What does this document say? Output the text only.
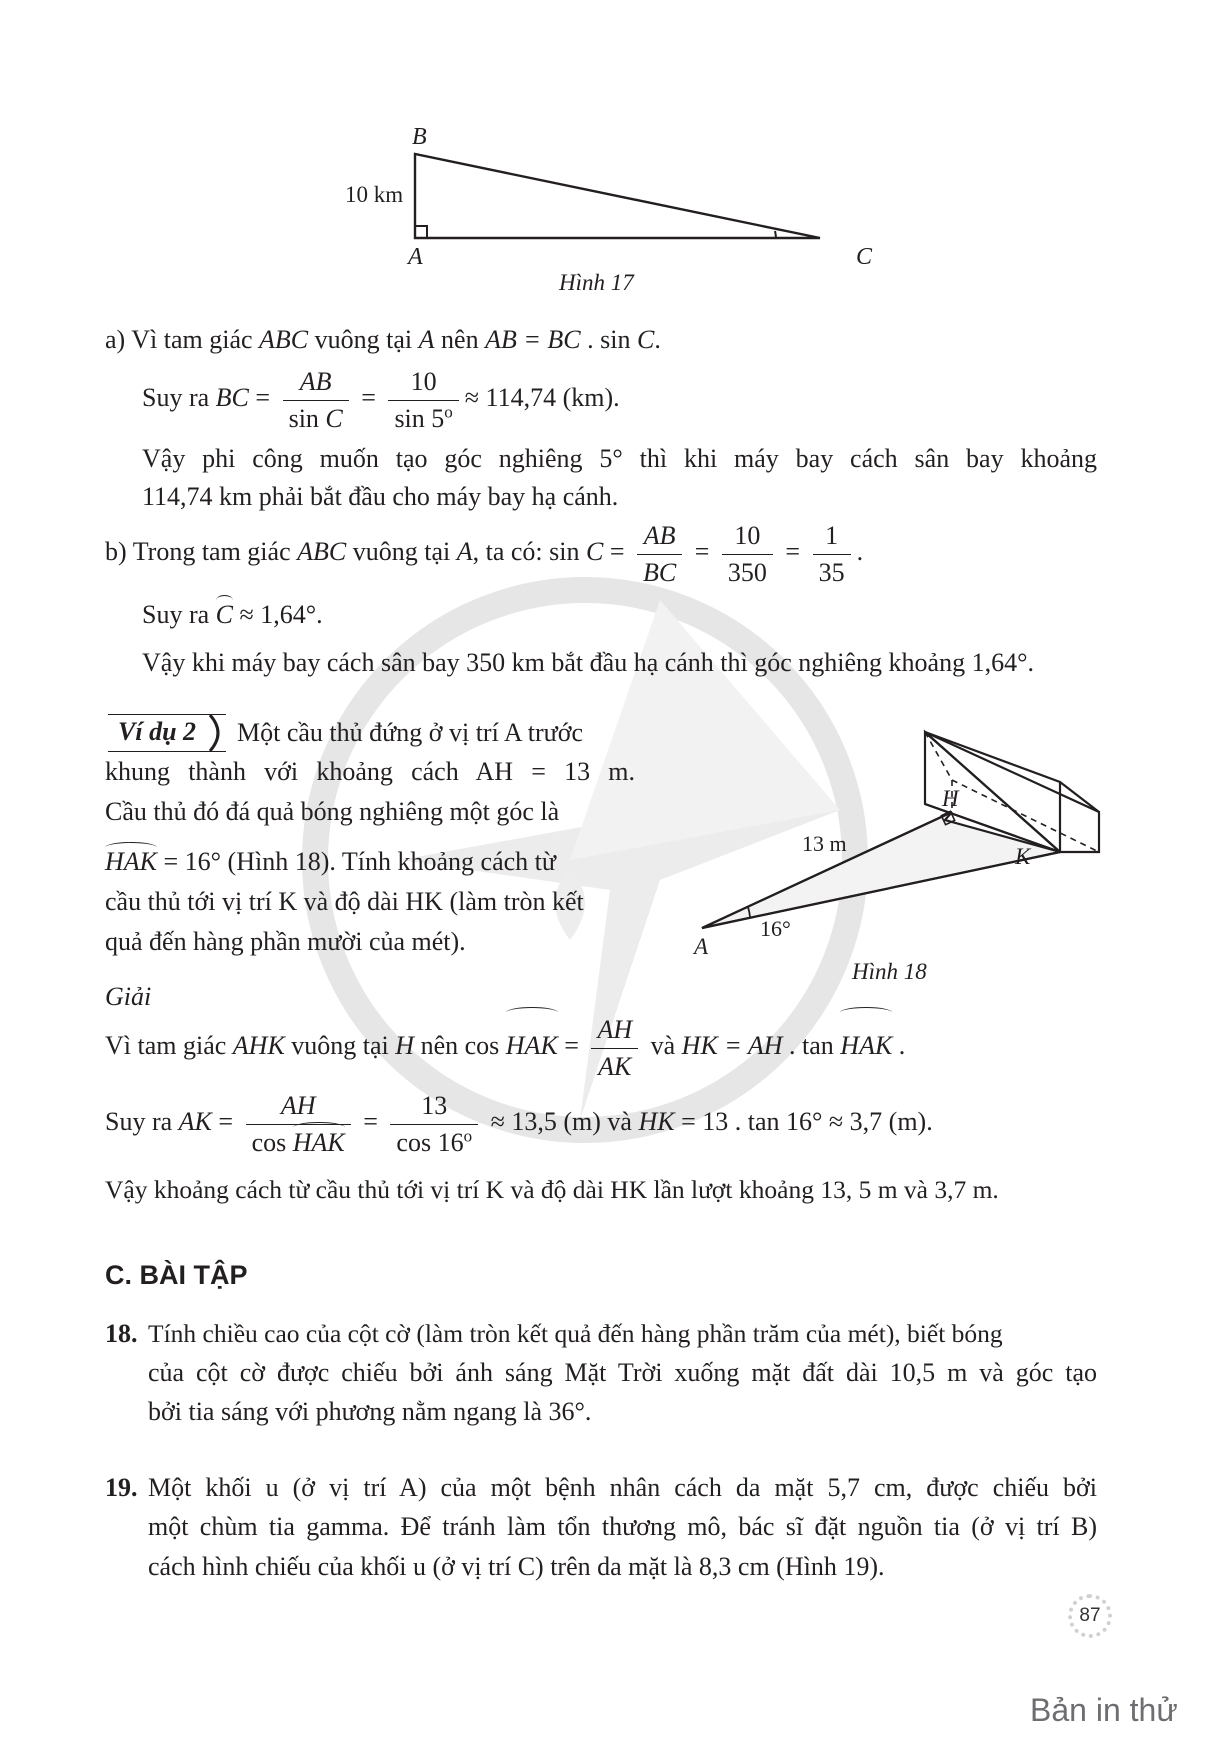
B
10 km
A	C
Hình 17
a) Vì tam giác ABC vuông tại A nên AB = BC . sin C.
Suy ra BC = $\frac{AB}{\text{sin C}} = \frac{10}{\sin 5^o} \approx 114,74$ (km).
Vậy phi công muốn tạo góc nghiêng 5° thì khi máy bay cách sân bay khoảng
114,74 km phải bắt đầu cho máy bay hạ cánh.
b) Trong tam giác ABC vuông tại A, ta có: $\sin C = \frac{AB}{BC} = \frac{10}{350} = \frac{1}{35}$ .
Suy ra C ≈ 1,64°.
Vậy khi máy bay cách sân bay 350 km bắt đầu hạ cánh thì góc nghiêng khoảng 1,64°.
Ví dụ 2 Một cầu thủ đứng ở vị trí A trước
khung thành với khoảng cách AH = 13 m.
Cầu thủ đó đá quả bóng nghiêng một góc là
HAK = 16° (Hình 18). Tính khoảng cách từ
cầu thủ tới vị trí K và độ dài HK (làm tròn kết
quả đến hàng phần mười của mét).
H
K
13 m
16°
A
Hình 18
Giải
Vì tam giác AHK vuông tại H nên cos HAK = $\frac{AH}{AK}$ và HK = AH . tan HAK .
Suy ra AK = $\frac{AH}{\text{cos HAK}} = \frac{13}{\cos 16^o} \approx 13,5$ (m) và HK = 13 . tan 16° ≈ 3,7 (m).
Vậy khoảng cách từ cầu thủ tới vị trí K và độ dài HK lần lượt khoảng 13, 5 m và 3,7 m.
C. BÀI TẬP
18. Tính chiều cao của cột cờ (làm tròn kết quả đến hàng phần trăm của mét), biết bóng
của cột cờ được chiếu bởi ánh sáng Mặt Trời xuống mặt đất dài 10,5 m và góc tạo
bởi tia sáng với phương nằm ngang là 36°.
19. Một khối u (ở vị trí A) của một bệnh nhân cách da mặt 5,7 cm, được chiếu bởi
một chùm tia gamma. Để tránh làm tổn thương mô, bác sĩ đặt nguồn tia (ở vị trí B)
cách hình chiếu của khối u (ở vị trí C) trên da mặt là 8,3 cm (Hình 19).
87
Bản in thử
